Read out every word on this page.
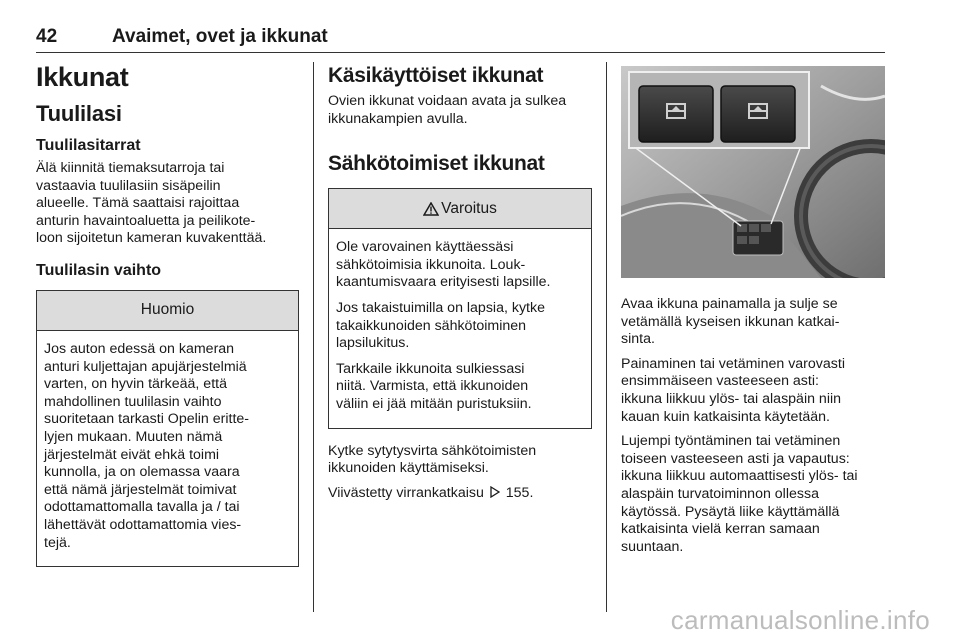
42	Avaimet, ovet ja ikkunat
Ikkunat
Tuulilasi
Tuulilasitarrat

Älä kiinnitä tiemaksutarroja tai
vastaavia tuulilasiin sisäpeilin
alueelle. Tämä saattaisi rajoittaa
anturin havaintoaluetta ja peilikote-
loon sijoitetun kameran kuvakenttää.

Tuulilasin vaihto
Huomio

Jos auton edessä on kameran
anturi kuljettajan apujärjestelmiä
varten, on hyvin tärkeää, että
mahdollinen tuulilasin vaihto
suoritetaan tarkasti Opelin eritte-
lyjen mukaan. Muuten nämä
järjestelmät eivät ehkä toimi
kunnolla, ja on olemassa vaara
että nämä järjestelmät toimivat
odottamattomalla tavalla ja / tai
lähettävät odottamattomia vies-
tejä.

Käsikäyttöiset ikkunat

Ovien ikkunat voidaan avata ja sulkea
ikkunakampien avulla.

Sähkötoimiset ikkunat
Varoitus

Ole varovainen käyttäessäsi
sähkötoimisia ikkunoita. Louk-
kaantumisvaara erityisesti lapsille.

Jos takaistuimilla on lapsia, kytke
takaikkunoiden sähkötoiminen
lapsilukitus.

Tarkkaile ikkunoita sulkiessasi
niitä. Varmista, että ikkunoiden
väliin ei jää mitään puristuksiin.

Kytke sytytysvirta sähkötoimisten
ikkunoiden käyttämiseksi.

Viivästetty virrankatkaisu 155.

Avaa ikkuna painamalla ja sulje se
vetämällä kyseisen ikkunan katkai-
sinta.

Painaminen tai vetäminen varovasti
ensimmäiseen vasteeseen asti:
ikkuna liikkuu ylös- tai alaspäin niin
kauan kuin katkaisinta käytetään.

Lujempi työntäminen tai vetäminen
toiseen vasteeseen asti ja vapautus:
ikkuna liikkuu automaattisesti ylös- tai
alaspäin turvatoiminnon ollessa
käytössä. Pysäytä liike käyttämällä
katkaisinta vielä kerran samaan
suuntaan.

carmanualsonline.info
